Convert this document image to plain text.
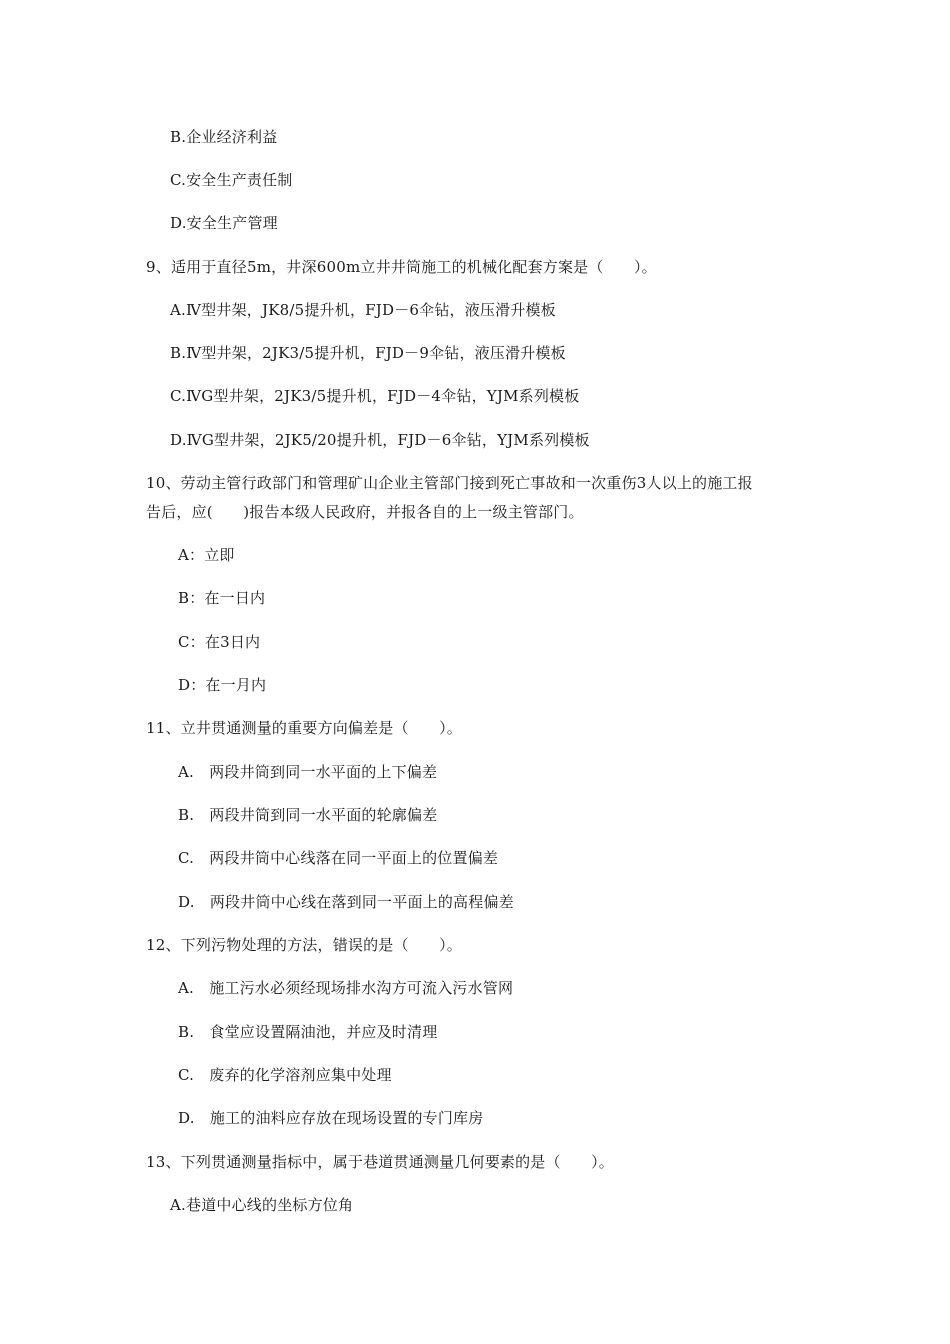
B.企业经济利益
C.安全生产责任制
D.安全生产管理
9、适用于直径5m，井深600m立井井筒施工的机械化配套方案是（　　）。
A.Ⅳ型井架，JK8/5提升机，FJD－6伞钻，液压滑升模板
B.Ⅳ型井架，2JK3/5提升机，FJD－9伞钻，液压滑升模板
C.ⅣG型井架，2JK3/5提升机，FJD－4伞钻，YJM系列模板
D.ⅣG型井架，2JK5/20提升机，FJD－6伞钻，YJM系列模板
10、劳动主管行政部门和管理矿山企业主管部门接到死亡事故和一次重伤3人以上的施工报
告后，应(　　)报告本级人民政府，并报各自的上一级主管部门。
A：立即
B：在一日内
C：在3日内
D：在一月内
11、立井贯通测量的重要方向偏差是（　　）。
A.　两段井筒到同一水平面的上下偏差
B.　两段井筒到同一水平面的轮廓偏差
C.　两段井筒中心线落在同一平面上的位置偏差
D.　两段井筒中心线在落到同一平面上的高程偏差
12、下列污物处理的方法，错误的是（　　）。
A.　施工污水必须经现场排水沟方可流入污水管网
B.　食堂应设置隔油池，并应及时清理
C.　废弃的化学溶剂应集中处理
D.　施工的油料应存放在现场设置的专门库房
13、下列贯通测量指标中，属于巷道贯通测量几何要素的是（　　）。
A.巷道中心线的坐标方位角
